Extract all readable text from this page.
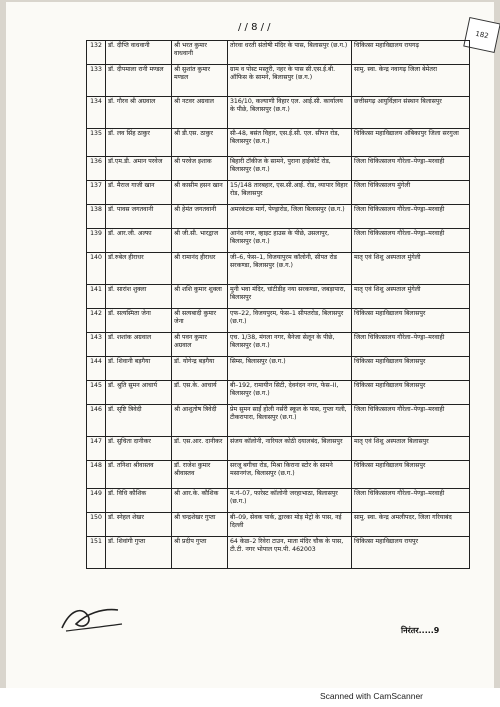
/ / 8 / /
182
132	डॉ. दीप्ति वाधवानी	श्री भरत कुमार वाधवानी	तोरवा धरती संतोषी मंदिर के पास, बिलासपुर (छ.ग.)	चिकित्सा महाविद्यालय रायगढ़
133	डॉ. दीपमाला रानी मण्डल	श्री सुशांत कुमार मण्डल	ग्राम व पोस्ट मस्तूरी, नहर के पास सी.एस.ई.बी. ऑफिस के सामने, बिलासपुर (छ.ग.)	सामु. स्वा. केन्द्र नवागढ़ जिला बेमेतरा
134	डॉ. गौरव श्री अग्रवाल	श्री नटवर अग्रवाल	316/10, कल्याणी विहार एल. आई.सी. कार्यालय के पीछे, बिलासपुर (छ.ग.)	छत्तीसगढ़ आयुर्विज्ञान संस्थान बिलासपुर
135	डॉ. लव सिंह ठाकुर	श्री डी.एस. ठाकुर	सी-48, बसंत विहार, एस.ई.सी. एल. सीपत रोड, बिलासपुर (छ.ग.)	चिकित्सा महाविद्यालय अंबिकापुर जिला सरगुजा
136	डॉ.एम.डी. अमान परवेज	श्री परवेज इशाक	बिहारी टॉकीज के सामने, पुराना हाईकोर्ट रोड, बिलासपुर (छ.ग.)	जिला चिकित्सालय गौरेला–पेण्ड्रा–मरवाही
137	डॉ. मैराज गाजी खान	श्री कासीम हसन खान	15/148 तारबहार, एस.सी.आई. रोड, व्यापार विहार रोड, बिलासपुर	जिला चिकित्सालय मुंगेली
138	डॉ. पावस जगतवानी	श्री हेमंत जगतवानी	अमरकंटक मार्ग, पेण्ड्रारोड, जिला बिलासपुर (छ.ग.)	जिला चिकित्सालय गौरेला–पेण्ड्रा–मरवाही
139	डॉ. आर.जी. अल्फा	श्री जी.सी. भारद्वाज	आनंद नगर, व्हाइट हाउस के पीछे, उसलापुर, बिलासपुर (छ.ग.)	जिला चिकित्सालय गौरेला–पेण्ड्रा–मरवाही
140	डॉ.रुबेल हीराधर	श्री रामानंद हीराधर	जी–6, फेस–1, विजयापुरम कॉलोनी, सीपत रोड सरकण्डा, बिलासपुर (छ.ग.)	मातृ एवं शिशु अस्पताल मुंगेली
141	डॉ. सारांश शुक्ला	श्री शशि कुमार शुक्ला	मुनी भवा मंदिर, चांटीडीह नया सरकण्डा, जबड़ापारा, बिलासपुर	मातृ एवं शिशु अस्पताल मुंगेली
142	डॉ. सत्यस्मिता जेना	श्री सत्यबादी कुमार जेना	एफ–22, विजयपुरम, फेस–1 सीपतरोड, बिलासपुर (छ.ग.)	चिकित्सा महाविद्यालय बिलासपुर
143	डॉ. शशांक अग्रवाल	श्री पवन कुमार अग्रवाल	एच. 1/38, मंगला नगर, बैनेजा सेलून के पीछे, बिलासपुर (छ.ग.)	जिला चिकित्सालय गौरेला–पेण्ड्रा–मरवाही
144	डॉ. शिवानी बड़गैया	डॉ. योगेन्द्र बड़गैया	सिम्स, बिलासपुर (छ.ग.)	चिकित्सा महाविद्यालय बिलासपुर
145	डॉ. श्रुति सुमन आचार्य	डॉ. एस.के. आचार्य	बी–192, रामायीन सिटी, देवनंदन नगर, फेस–II, बिलासपुर (छ.ग.)	चिकित्सा महाविद्यालय बिलासपुर
146	डॉ. सृष्टि त्रिवेदी	श्री आशुतोष त्रिवेदी	प्रेम सुमन साईं होली नर्सरी स्कूल के पास, गुप्ता गली, टीकरापारा, बिलासपुर (छ.ग.)	जिला चिकित्सालय गौरेला–पेण्ड्रा–मरवाही
147	डॉ. सुचिता दानीकर	डॉ. एस.आर. दानीकर	संजय कॉलोनी, नारियल कोठी दयालबंद, बिलासपुर	मातृ एवं शिशु अस्पताल बिलासपुर
148	डॉ. तनिशा श्रीवास्तव	डॉ. राजेश कुमार श्रीवास्तव	सरजू बगीचा रोड, मिश्रा किराना स्टोर के सामने मसानगंज, बिलासपुर (छ.ग.)	चिकित्सा महाविद्यालय बिलासपुर
149	डॉ. विधि कौशिक	श्री आर.के. कौशिक	म.नं–07, फारेस्ट कॉलोनी जरहाभाठा, बिलासपुर (छ.ग.)	जिला चिकित्सालय गौरेला–पेण्ड्रा–मरवाही
150	डॉ. स्नेहल शेखर	श्री चन्द्रशेखर गुप्ता	बी–09, सेवक पार्क, द्वारका मोड़ मेट्रो के पास, नई दिल्ली	सामु. स्वा. केन्द्र अमलीपदर, जिला गरियाबंद
151	डॉ. शिवांगी गुप्ता	श्री प्रदीप गुप्ता	64 केळ–2 रिवेरा टाउन, माता मंदिर चौक के पास, टी.टी. नगर भोपाल एम.पी. 462003	चिकित्सा महाविद्यालय रायपुर
निरंतर.....9
Scanned with CamScanner
